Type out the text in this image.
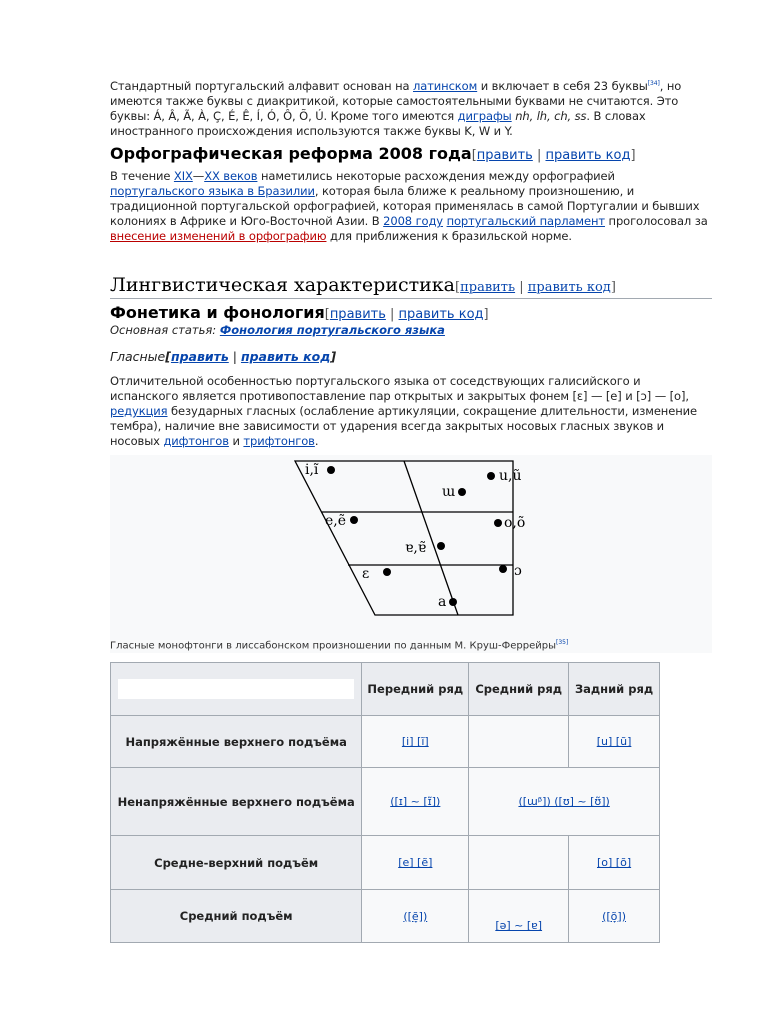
Стандартный португальский алфавит основан на латинском и включает в себя 23 буквы[34], но имеются также буквы с диакритикой, которые самостоятельными буквами не считаются. Это буквы: Á, Â, Ã, À, Ç, É, Ê, Í, Ó, Ô, Õ, Ú. Кроме того имеются диграфы nh, lh, ch, ss. В словах иностранного происхождения используются также буквы K, W и Y.
Орфографическая реформа 2008 года[править | править код]
В течение XIX—XX веков наметились некоторые расхождения между орфографией португальского языка в Бразилии, которая была ближе к реальному произношению, и традиционной португальской орфографией, которая применялась в самой Португалии и бывших колониях в Африке и Юго-Восточной Азии. В 2008 году португальский парламент проголосовал за внесение изменений в орфографию для приближения к бразильской норме.
Лингвистическая характеристика[править | править код]
Фонетика и фонология[править | править код]
Основная статья: Фонология португальского языка
Гласные[править | править код]
Отличительной особенностью португальского языка от соседствующих галисийского и испанского является противопоставление пар открытых и закрытых фонем [ɛ] — [e] и [ɔ] — [o], редукция безударных гласных (ослабление артикуляции, сокращение длительности, изменение тембра), наличие вне зависимости от ударения всегда закрытых носовых гласных звуков и носовых дифтонгов и трифтонгов.
i,ĩ	u,ũ
ɯ
e,ẽ	o,õ
ɐ,ɐ̃
ɛ	ɔ
a
Гласные монофтонги в лиссабонском произношении по данным М. Круш-Феррейры[35]
	Передний ряд	Средний ряд	Задний ряд
Напряжённые верхнего подъёма	[i] [ĩ]		[u] [ũ]
Ненапряжённые верхнего подъёма	([ɪ] ~ [ɪ̃])	([ɯᵝ]) ([ʊ] ~ [ʊ̃])	
Средне-верхний подъём	[e] [ẽ]		[o] [õ]
Средний подъём	([ẽ̞])	[ə] ~ [ɐ]	([õ̞])
